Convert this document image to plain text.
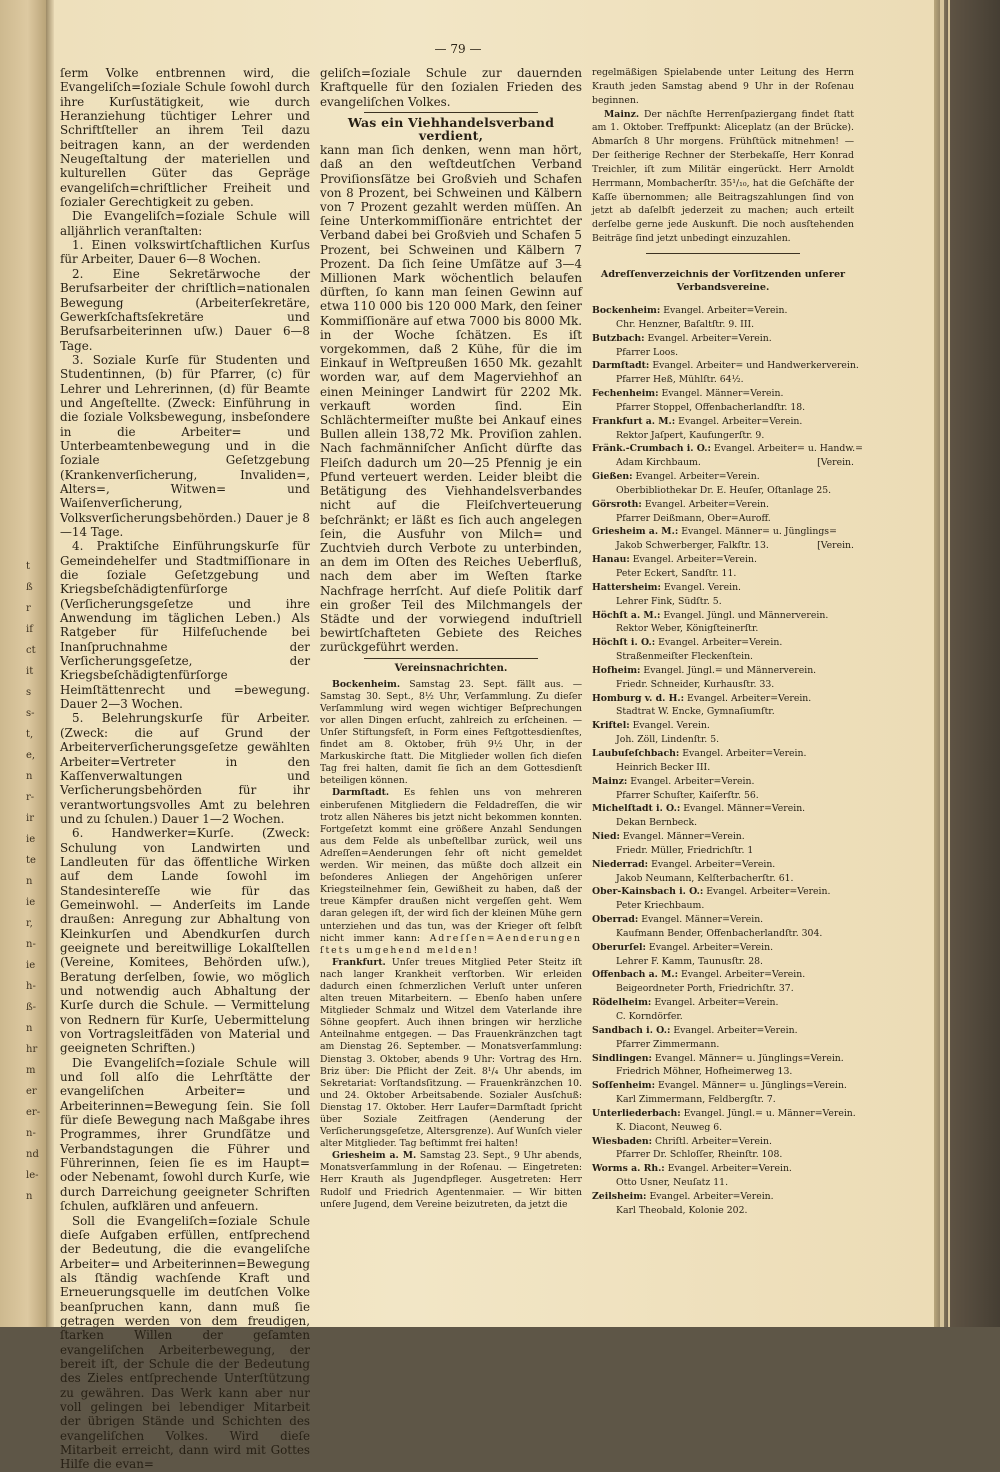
t
ß
r
if
ct
it
s
s-
t,
e,
n
r-
ir
ie
te
n
ie
r,
n-
ie
h-
ß-
n
hr
m
er
er-
n-
nd
le-
n
— 79 —

ſerm Volke entbrennen wird, die Evangeliſch=ſoziale Schule ſowohl durch ihre Kurſustätigkeit, wie durch Heranziehung tüchtiger Lehrer und Schriftſteller an ihrem Teil dazu beitragen kann, an der werdenden Neugeſtaltung der materiellen und kulturellen Güter das Gepräge evangeliſch=chriſtlicher Freiheit und ſozialer Gerechtigkeit zu geben.

Die Evangeliſch=ſoziale Schule will alljährlich veranſtalten:

1. Einen volkswirtſchaftlichen Kurſus für Arbeiter, Dauer 6—8 Wochen.

2. Eine Sekretärwoche der Berufsarbeiter der chriſtlich=nationalen Bewegung (Arbeiterſekretäre, Gewerkſchaftsſekretäre und Berufsarbeiterinnen uſw.) Dauer 6—8 Tage.

3. Soziale Kurſe für Studenten und Studentinnen, (b) für Pfarrer, (c) für Lehrer und Lehrerinnen, (d) für Beamte und Angeſtellte. (Zweck: Einführung in die ſoziale Volksbewegung, insbeſondere in die Arbeiter= und Unterbeamtenbewegung und in die ſoziale Geſetzgebung (Krankenverſicherung, Invaliden=, Alters=, Witwen= und Waiſenverſicherung, Volksverſicherungsbehörden.) Dauer je 8—14 Tage.

4. Praktiſche Einführungskurſe für Gemeindehelfer und Stadtmiſſionare in die ſoziale Geſetzgebung und Kriegsbeſchädigtenfürſorge (Verſicherungsgeſetze und ihre Anwendung im täglichen Leben.) Als Ratgeber für Hilfeſuchende bei Inanſpruchnahme der Verſicherungsgeſetze, der Kriegsbeſchädigtenfürſorge Heimſtättenrecht und =bewegung. Dauer 2—3 Wochen.

5. Belehrungskurſe für Arbeiter. (Zweck: die auf Grund der Arbeiterverſicherungsgeſetze gewählten Arbeiter=Vertreter in den Kaſſenverwaltungen und Verſicherungsbehörden für ihr verantwortungsvolles Amt zu belehren und zu ſchulen.) Dauer 1—2 Wochen.

6. Handwerker=Kurſe. (Zweck: Schulung von Landwirten und Landleuten für das öffentliche Wirken auf dem Lande ſowohl im Standesintereſſe wie für das Gemeinwohl. — Anderſeits im Lande draußen: Anregung zur Abhaltung von Kleinkurſen und Abendkurſen durch geeignete und bereitwillige Lokalſtellen (Vereine, Komitees, Behörden uſw.), Beratung derſelben, ſowie, wo möglich und notwendig auch Abhaltung der Kurſe durch die Schule. — Vermittelung von Rednern für Kurſe, Uebermittelung von Vortragsleitfäden von Material und geeigneten Schriften.)

Die Evangeliſch=ſoziale Schule will und ſoll alſo die Lehrſtätte der evangeliſchen Arbeiter= und Arbeiterinnen=Bewegung ſein. Sie ſoll für dieſe Bewegung nach Maßgabe ihres Programmes, ihrer Grundſätze und Verbandstagungen die Führer und Führerinnen, ſeien ſie es im Haupt= oder Nebenamt, ſowohl durch Kurſe, wie durch Darreichung geeigneter Schriften ſchulen, aufklären und anfeuern.

Soll die Evangeliſch=ſoziale Schule dieſe Aufgaben erfüllen, entſprechend der Bedeutung, die die evangeliſche Arbeiter= und Arbeiterinnen=Bewegung als ſtändig wachſende Kraft und Erneuerungsquelle im deutſchen Volke beanſpruchen kann, dann muß ſie getragen werden von dem freudigen, ſtarken Willen der geſamten evangeliſchen Arbeiterbewegung, der bereit iſt, der Schule die der Bedeutung des Zieles entſprechende Unterſtützung zu gewähren. Das Werk kann aber nur voll gelingen bei lebendiger Mitarbeit der übrigen Stände und Schichten des evangeliſchen Volkes. Wird dieſe Mitarbeit erreicht, dann wird mit Gottes Hilfe die evan=

geliſch=ſoziale Schule zur dauernden Kraftquelle für den ſozialen Frieden des evangeliſchen Volkes.

Was ein Viehhandelsverband verdient,

kann man ſich denken, wenn man hört, daß an den weſtdeutſchen Verband Proviſionsſätze bei Großvieh und Schafen von 8 Prozent, bei Schweinen und Kälbern von 7 Prozent gezahlt werden müſſen. An ſeine Unterkommiſſionäre entrichtet der Verband dabei bei Großvieh und Schafen 5 Prozent, bei Schweinen und Kälbern 7 Prozent. Da ſich ſeine Umſätze auf 3—4 Millionen Mark wöchentlich belaufen dürften, ſo kann man ſeinen Gewinn auf etwa 110 000 bis 120 000 Mark, den ſeiner Kommiſſionäre auf etwa 7000 bis 8000 Mk. in der Woche ſchätzen. Es iſt vorgekommen, daß 2 Kühe, für die im Einkauf in Weſtpreußen 1650 Mk. gezahlt worden war, auf dem Magerviehhof an einen Meininger Landwirt für 2202 Mk. verkauft worden ſind. Ein Schlächtermeiſter mußte bei Ankauf eines Bullen allein 138,72 Mk. Proviſion zahlen. Nach fachmänniſcher Anſicht dürfte das Fleiſch dadurch um 20—25 Pfennig je ein Pfund verteuert werden. Leider bleibt die Betätigung des Viehhandelsverbandes nicht auf die Fleiſchverteuerung beſchränkt; er läßt es ſich auch angelegen ſein, die Ausfuhr von Milch= und Zuchtvieh durch Verbote zu unterbinden, an dem im Oſten des Reiches Ueberfluß, nach dem aber im Weſten ſtarke Nachfrage herrſcht. Auf dieſe Politik darf ein großer Teil des Milchmangels der Städte und der vorwiegend induſtriell bewirtſchafteten Gebiete des Reiches zurückgeführt werden.

Vereinsnachrichten.

Bockenheim. Samstag 23. Sept. fällt aus. — Samstag 30. Sept., 8½ Uhr, Verſammlung. Zu dieſer Verſammlung wird wegen wichtiger Beſprechungen vor allen Dingen erſucht, zahlreich zu erſcheinen. — Unſer Stiftungsfeſt, in Form eines Feſtgottesdienſtes, findet am 8. Oktober, früh 9½ Uhr, in der Markuskirche ſtatt. Die Mitglieder wollen ſich dieſen Tag frei halten, damit ſie ſich an dem Gottesdienſt beteiligen können.

Darmſtadt. Es fehlen uns von mehreren einberufenen Mitgliedern die Feldadreſſen, die wir trotz allen Näheres bis jetzt nicht bekommen konnten. Fortgeſetzt kommt eine größere Anzahl Sendungen aus dem Felde als unbeſtellbar zurück, weil uns Adreſſen=Aenderungen ſehr oft nicht gemeldet werden. Wir meinen, das müßte doch allzeit ein beſonderes Anliegen der Angehörigen unſerer Kriegsteilnehmer ſein, Gewißheit zu haben, daß der treue Kämpfer draußen nicht vergeſſen geht. Wem daran gelegen iſt, der wird ſich der kleinen Mühe gern unterziehen und das tun, was der Krieger oft ſelbſt nicht immer kann: Adreſſen=Aenderungen ſtets umgehend melden!

Frankfurt. Unſer treues Mitglied Peter Steitz iſt nach langer Krankheit verſtorben. Wir erleiden dadurch einen ſchmerzlichen Verluſt unter unſeren alten treuen Mitarbeitern. — Ebenſo haben unſere Mitglieder Schmalz und Witzel dem Vaterlande ihre Söhne geopfert. Auch ihnen bringen wir herzliche Anteilnahme entgegen. — Das Frauenkränzchen tagt am Dienstag 26. September. — Monatsverſammlung: Dienstag 3. Oktober, abends 9 Uhr: Vortrag des Hrn. Briz über: Die Pflicht der Zeit. 8¹/₄ Uhr abends, im Sekretariat: Vorſtandsſitzung. — Frauenkränzchen 10. und 24. Oktober Arbeitsabende. Sozialer Ausſchuß: Dienstag 17. Oktober. Herr Laufer=Darmſtadt ſpricht über Soziale Zeitfragen (Aenderung der Verſicherungsgeſetze, Altersgrenze). Auf Wunſch vieler alter Mitglieder. Tag beſtimmt frei halten!

Griesheim a. M. Samstag 23. Sept., 9 Uhr abends, Monatsverſammlung in der Roſenau. — Eingetreten: Herr Krauth als Jugendpfleger. Ausgetreten: Herr Rudolf und Friedrich Agentenmaier. — Wir bitten unſere Jugend, dem Vereine beizutreten, da jetzt die

regelmäßigen Spielabende unter Leitung des Herrn Krauth jeden Samstag abend 9 Uhr in der Roſenau beginnen.

Mainz. Der nächſte Herrenſpaziergang findet ſtatt am 1. Oktober. Treffpunkt: Aliceplatz (an der Brücke). Abmarſch 8 Uhr morgens. Frühſtück mitnehmen! — Der ſeitherige Rechner der Sterbekaſſe, Herr Konrad Treichler, iſt zum Militär eingerückt. Herr Arnoldt Herrmann, Mombacherſtr. 35¹/₁₀, hat die Geſchäfte der Kaſſe übernommen; alle Beitragszahlungen ſind von jetzt ab daſelbſt jederzeit zu machen; auch erteilt derſelbe gerne jede Auskunft. Die noch ausſtehenden Beiträge ſind jetzt unbedingt einzuzahlen.

Adreſſenverzeichnis der Vorſitzenden unſerer
Verbandsvereine.
Bockenheim: Evangel. Arbeiter=Verein.
Chr. Henzner, Baſaltſtr. 9. III.
Butzbach: Evangel. Arbeiter=Verein.
Pfarrer Loos.
Darmſtadt: Evangel. Arbeiter= und Handwerkerverein.
Pfarrer Heß, Mühlſtr. 64½.
Fechenheim: Evangel. Männer=Verein.
Pfarrer Stoppel, Offenbacherlandſtr. 18.
Frankfurt a. M.: Evangel. Arbeiter=Verein.
Rektor Jaſpert, Kaufungerſtr. 9.
Fränk.-Crumbach i. O.: Evangel. Arbeiter= u. Handw.=
Adam Kirchbaum.	[Verein.
Gießen: Evangel. Arbeiter=Verein.
Oberbibliothekar Dr. E. Heuſer, Oſtanlage 25.
Görsroth: Evangel. Arbeiter=Verein.
Pfarrer Deißmann, Ober=Auroff.
Griesheim a. M.: Evangel. Männer= u. Jünglings=
Jakob Schwerberger, Falkſtr. 13.	[Verein.
Hanau: Evangel. Arbeiter=Verein.
Peter Eckert, Sandſtr. 11.
Hattersheim: Evangel. Verein.
Lehrer Fink, Südſtr. 5.
Höchſt a. M.: Evangel. Jüngl. und Männerverein.
Rektor Weber, Königſteinerſtr.
Höchſt i. O.: Evangel. Arbeiter=Verein.
Straßenmeiſter Fleckenſtein.
Hofheim: Evangel. Jüngl.= und Männerverein.
Friedr. Schneider, Kurhausſtr. 33.
Homburg v. d. H.: Evangel. Arbeiter=Verein.
Stadtrat W. Encke, Gymnaſiumſtr.
Kriftel: Evangel. Verein.
Joh. Zöll, Lindenſtr. 5.
Laubuſeſchbach: Evangel. Arbeiter=Verein.
Heinrich Becker III.
Mainz: Evangel. Arbeiter=Verein.
Pfarrer Schuſter, Kaiſerſtr. 56.
Michelſtadt i. O.: Evangel. Männer=Verein.
Dekan Bernbeck.
Nied: Evangel. Männer=Verein.
Friedr. Müller, Friedrichſtr. 1
Niederrad: Evangel. Arbeiter=Verein.
Jakob Neumann, Kelſterbacherſtr. 61.
Ober-Kainsbach i. O.: Evangel. Arbeiter=Verein.
Peter Kriechbaum.
Oberrad: Evangel. Männer=Verein.
Kaufmann Bender, Offenbacherlandſtr. 304.
Oberurſel: Evangel. Arbeiter=Verein.
Lehrer F. Kamm, Taunusſtr. 28.
Offenbach a. M.: Evangel. Arbeiter=Verein.
Beigeordneter Porth, Friedrichſtr. 37.
Rödelheim: Evangel. Arbeiter=Verein.
C. Korndörfer.
Sandbach i. O.: Evangel. Arbeiter=Verein.
Pfarrer Zimmermann.
Sindlingen: Evangel. Männer= u. Jünglings=Verein.
Friedrich Möhner, Hofheimerweg 13.
Soſſenheim: Evangel. Männer= u. Jünglings=Verein.
Karl Zimmermann, Feldbergſtr. 7.
Unterliederbach: Evangel. Jüngl.= u. Männer=Verein.
K. Diacont, Neuweg 6.
Wiesbaden: Chriſtl. Arbeiter=Verein.
Pfarrer Dr. Schloſſer, Rheinſtr. 108.
Worms a. Rh.: Evangel. Arbeiter=Verein.
Otto Usner, Neuſatz 11.
Zeilsheim: Evangel. Arbeiter=Verein.
Karl Theobald, Kolonie 202.
